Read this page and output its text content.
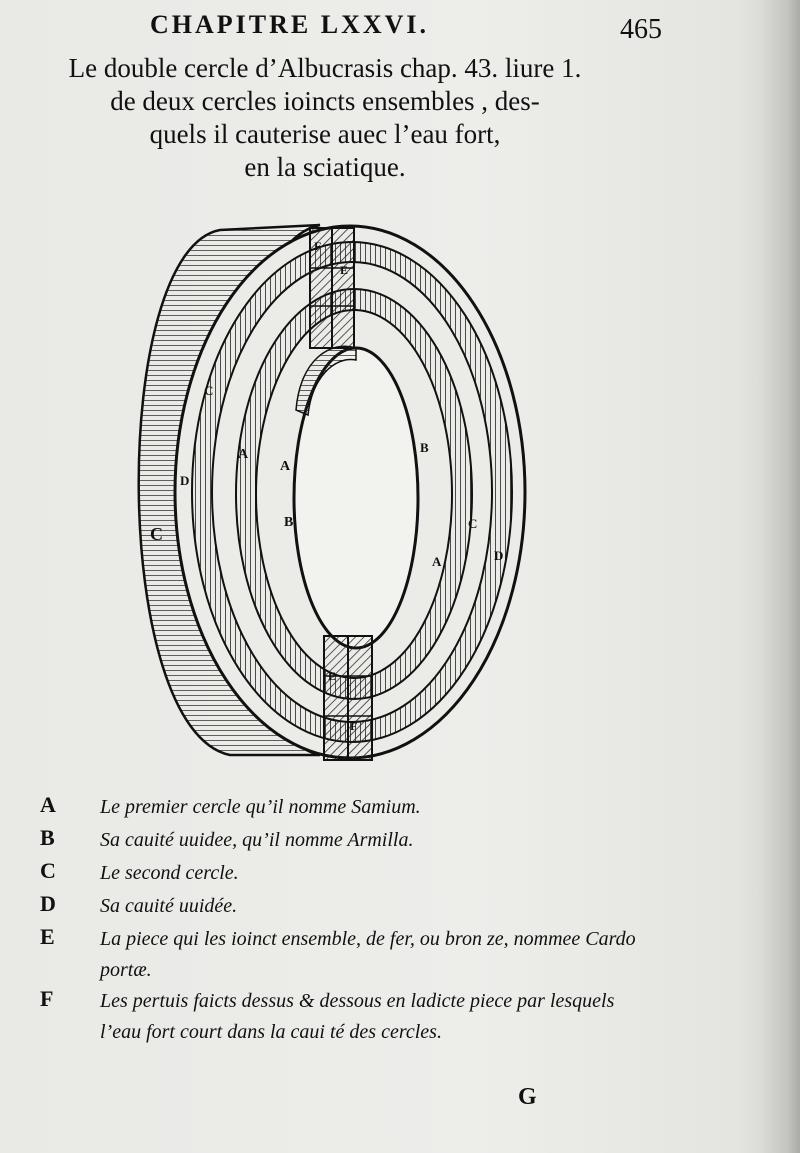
CHAPITRE LXXVI.	465
Le double cercle d’Albucrasis chap. 43. liure 1.
de deux cercles ioincts ensembles , des-
quels il cauterise auec l’eau fort,
en la sciatique.
C
D
C
A
A
B
B
A
C
D
F
E
E
F
A	Le premier cercle qu’il nomme Samium.
B	Sa cauité uuidee, qu’il nomme Armilla.
C	Le second cercle.
D	Sa cauité uuidée.
E	La piece qui les ioinct ensemble, de fer, ou bron ze, nommee Cardo portæ.
F	Les pertuis faicts dessus & dessous en ladicte piece par lesquels l’eau fort court dans la caui té des cercles.
G
